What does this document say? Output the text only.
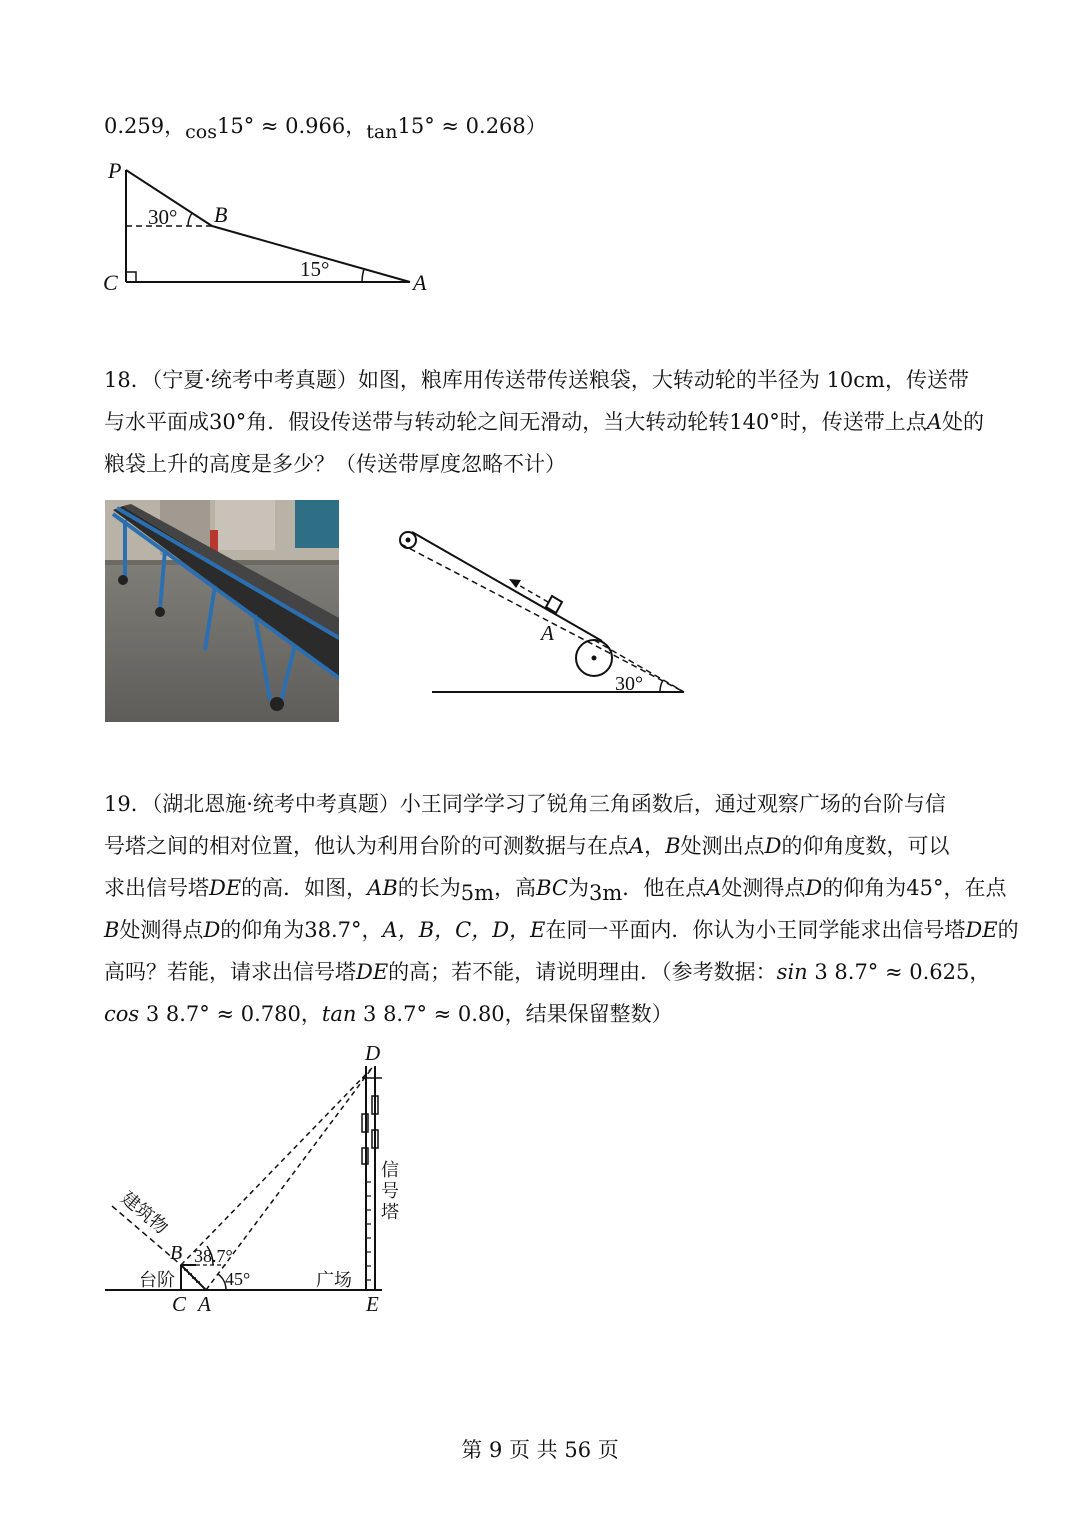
0.259，cos15° ≈ 0.966，tan15° ≈ 0.268）
P
B
C	A
30°
15°
18．（宁夏·统考中考真题）如图，粮库用传送带传送粮袋，大转动轮的半径为 10cm，传送带
与水平面成30°角．假设传送带与转动轮之间无滑动，当大转动轮转140°时，传送带上点A处的
粮袋上升的高度是多少？（传送带厚度忽略不计）
A
30°
19．（湖北恩施·统考中考真题）小王同学学习了锐角三角函数后，通过观察广场的台阶与信
号塔之间的相对位置，他认为利用台阶的可测数据与在点A，B处测出点D的仰角度数，可以
求出信号塔DE的高．如图，AB的长为5m，高BC为3m．他在点A处测得点D的仰角为45°，在点
B处测得点D的仰角为38.7°，A，B，C，D，E在同一平面内．你认为小王同学能求出信号塔DE的
高吗？若能，请求出信号塔DE的高；若不能，请说明理由．（参考数据：sin 3 8.7° ≈ 0.625，
cos 3 8.7° ≈ 0.780，tan 3 8.7° ≈ 0.80，结果保留整数）
D
B
C A	E
38.7°
45°
建筑物
台阶	广场
信
号
塔
第 9 页 共 56 页
